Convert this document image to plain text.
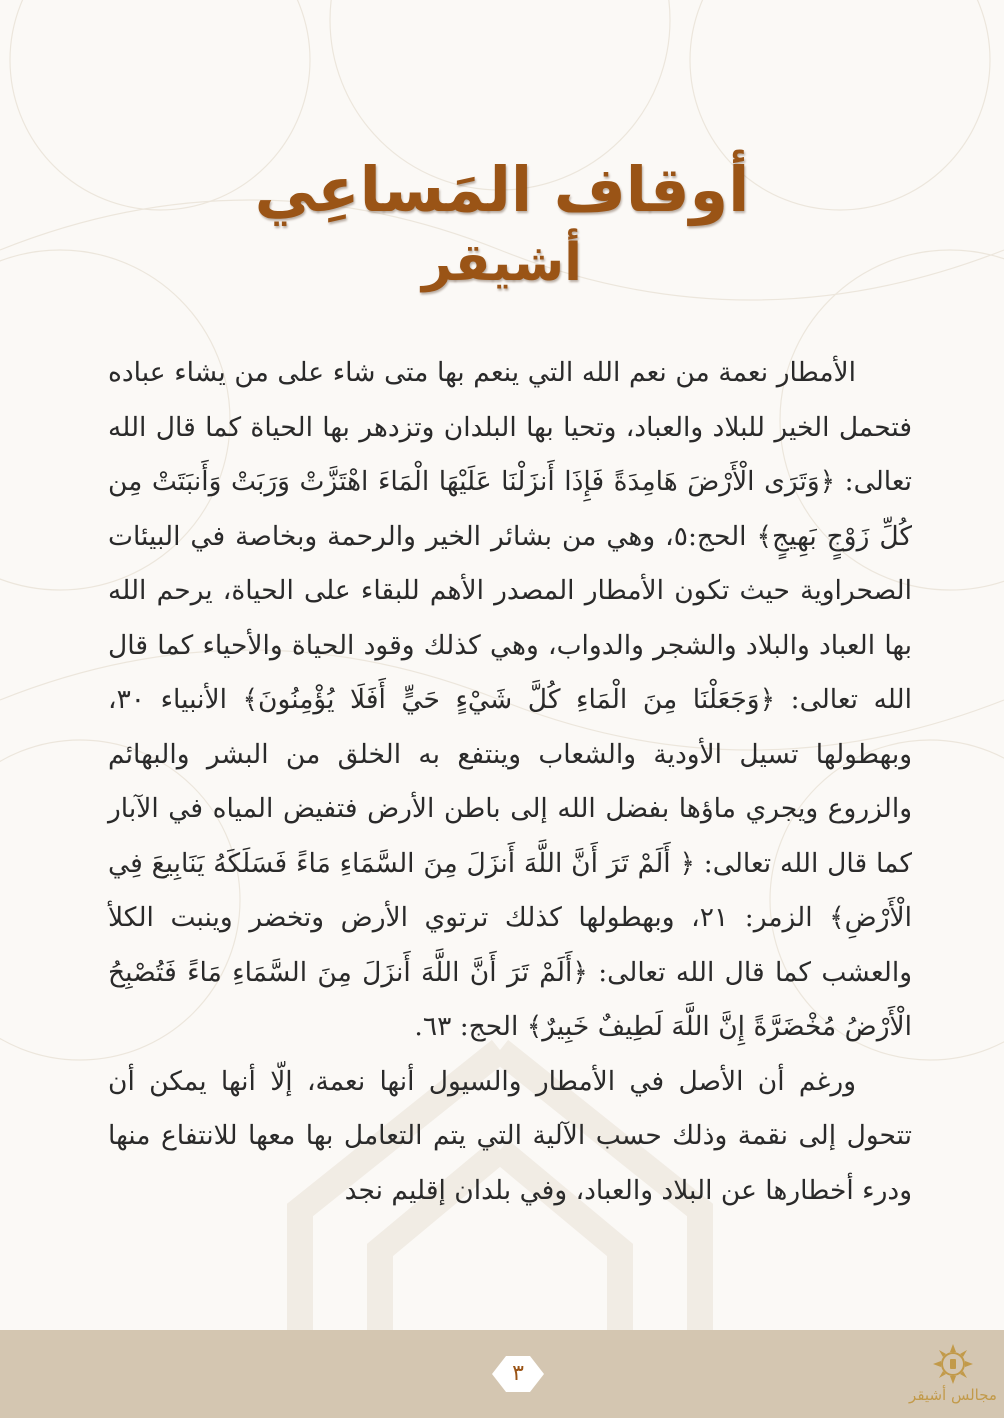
أوقاف المَساعِي
أشيقر

الأمطار نعمة من نعم الله التي ينعم بها متى شاء على من يشاء عباده فتحمل الخير للبلاد والعباد، وتحيا بها البلدان وتزدهر بها الحياة كما قال الله تعالى: ﴿وَتَرَى الْأَرْضَ هَامِدَةً فَإِذَا أَنزَلْنَا عَلَيْهَا الْمَاءَ اهْتَزَّتْ وَرَبَتْ وَأَنبَتَتْ مِن كُلِّ زَوْجٍ بَهِيجٍ﴾ الحج:٥، وهي من بشائر الخير والرحمة وبخاصة في البيئات الصحراوية حيث تكون الأمطار المصدر الأهم للبقاء على الحياة، يرحم الله بها العباد والبلاد والشجر والدواب، وهي كذلك وقود الحياة والأحياء كما قال الله تعالى: ﴿وَجَعَلْنَا مِنَ الْمَاءِ كُلَّ شَيْءٍ حَيٍّ أَفَلَا يُؤْمِنُونَ﴾ الأنبياء ٣٠، وبهطولها تسيل الأودية والشعاب وينتفع به الخلق من البشر والبهائم والزروع ويجري ماؤها بفضل الله إلى باطن الأرض فتفيض المياه في الآبار كما قال الله تعالى: ﴿ أَلَمْ تَرَ أَنَّ اللَّهَ أَنزَلَ مِنَ السَّمَاءِ مَاءً فَسَلَكَهُ يَنَابِيعَ فِي الْأَرْضِ﴾ الزمر: ٢١، وبهطولها كذلك ترتوي الأرض وتخضر وينبت الكلأ والعشب كما قال الله تعالى: ﴿أَلَمْ تَرَ أَنَّ اللَّهَ أَنزَلَ مِنَ السَّمَاءِ مَاءً فَتُصْبِحُ الْأَرْضُ مُخْضَرَّةً إِنَّ اللَّهَ لَطِيفٌ خَبِيرٌ﴾ الحج: ٦٣.

ورغم أن الأصل في الأمطار والسيول أنها نعمة، إلّا أنها يمكن أن تتحول إلى نقمة وذلك حسب الآلية التي يتم التعامل بها معها للانتفاع منها ودرء أخطارها عن البلاد والعباد، وفي بلدان إقليم نجد

٣
مجالس أشيقر
